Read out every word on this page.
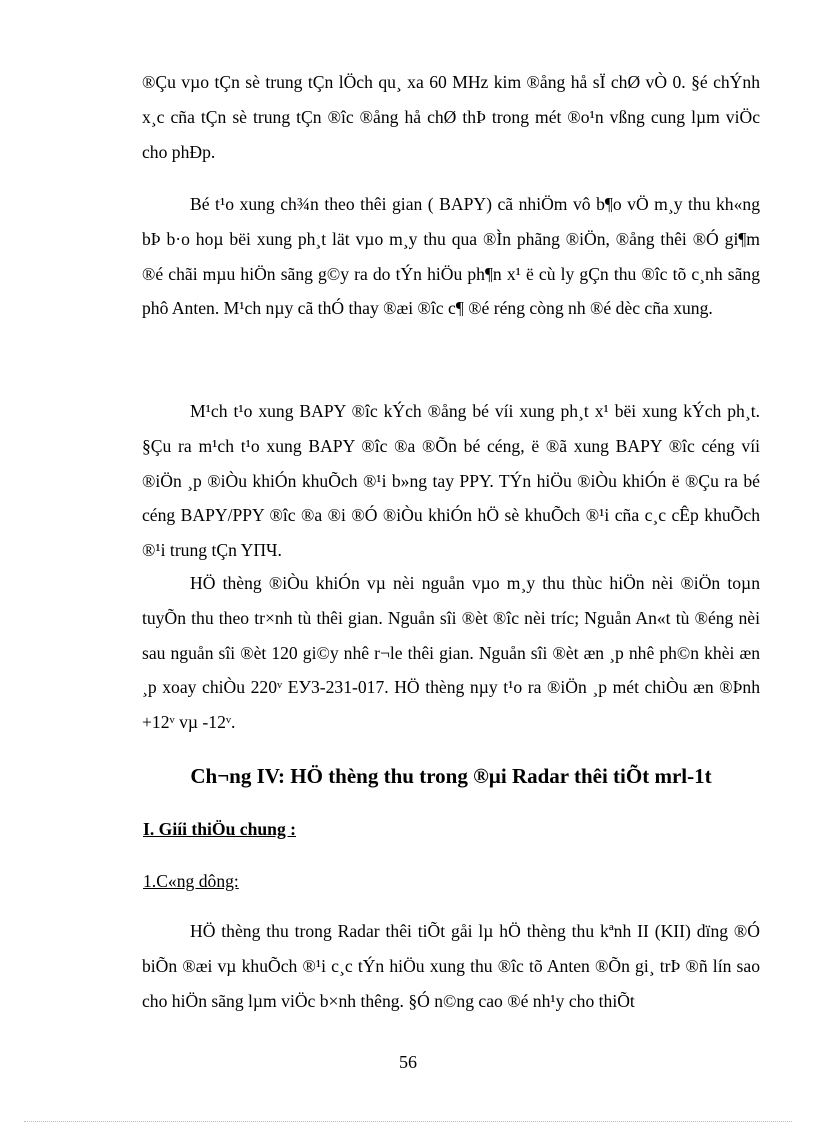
®Çu vµo tÇn sè trung tÇn lÖch qu¸ xa 60 MHz kim ®ång hå sÏ chØ vÒ 0. §é chÝnh x¸c cña tÇn sè trung tÇn ®îc ®ång hå chØ thÞ trong mét ®o¹n vßng cung lµm viÖc cho phÐp.

Bé t¹o xung ch¾n theo thêi gian ( BAPY) cã nhiÖm vô b¶o vÖ m¸y thu kh«ng bÞ b·o hoµ bëi xung ph¸t lät vµo m¸y thu qua ®Ìn phãng ®iÖn, ®ång thêi ®Ó gi¶m ®é chãi mµu hiÖn sãng g©y ra do tÝn hiÖu ph¶n x¹ ë cù ly gÇn thu ®îc tõ c¸nh sãng phô Anten. M¹ch nµy cã thÓ thay ®æi ®îc c¶ ®é réng còng nh ®é dèc cña xung.

M¹ch t¹o xung BAPY ®îc kÝch ®ång bé víi xung ph¸t x¹ bëi xung kÝch ph¸t. §Çu ra m¹ch t¹o xung BAPY ®îc ®a ®Õn bé céng, ë ®ã xung BAPY ®îc céng víi ®iÖn ¸p ®iÒu khiÓn khuÕch ®¹i b»ng tay PPY. TÝn hiÖu ®iÒu khiÓn ë ®Çu ra bé céng BAPY/PPY ®îc ®a ®i ®Ó ®iÒu khiÓn hÖ sè khuÕch ®¹i cña c¸c cÊp khuÕch ®¹i trung tÇn YПЧ.

HÖ thèng ®iÒu khiÓn vµ nèi nguån vµo m¸y thu thùc hiÖn nèi ®iÖn toµn tuyÕn thu theo tr×nh tù thêi gian. Nguån sîi ®èt ®îc nèi tríc; Nguån An«t tù ®éng nèi sau nguån sîi ®èt 120 gi©y nhê r¬le thêi gian. Nguån sîi ®èt æn ¸p nhê ph©n khèi æn ¸p xoay chiÒu 220ᵛ ЕУ3-231-017. HÖ thèng nµy t¹o ra ®iÖn ¸p mét chiÒu æn ®Þnh +12ᵛ vµ -12ᵛ.

Ch¬ng IV: HÖ thèng thu trong ®µi Radar thêi tiÕt mrl-1t

I. Giíi thiÖu chung :

1.C«ng dông:

HÖ thèng thu trong Radar thêi tiÕt gåi lµ hÖ thèng thu kªnh II (KII) dïng ®Ó biÕn ®æi vµ khuÕch ®¹i c¸c tÝn hiÖu xung thu ®îc tõ Anten ®Õn gi¸ trÞ ®ñ lín sao cho hiÖn sãng lµm viÖc b×nh thêng. §Ó n©ng cao ®é nh¹y cho thiÕt

56
